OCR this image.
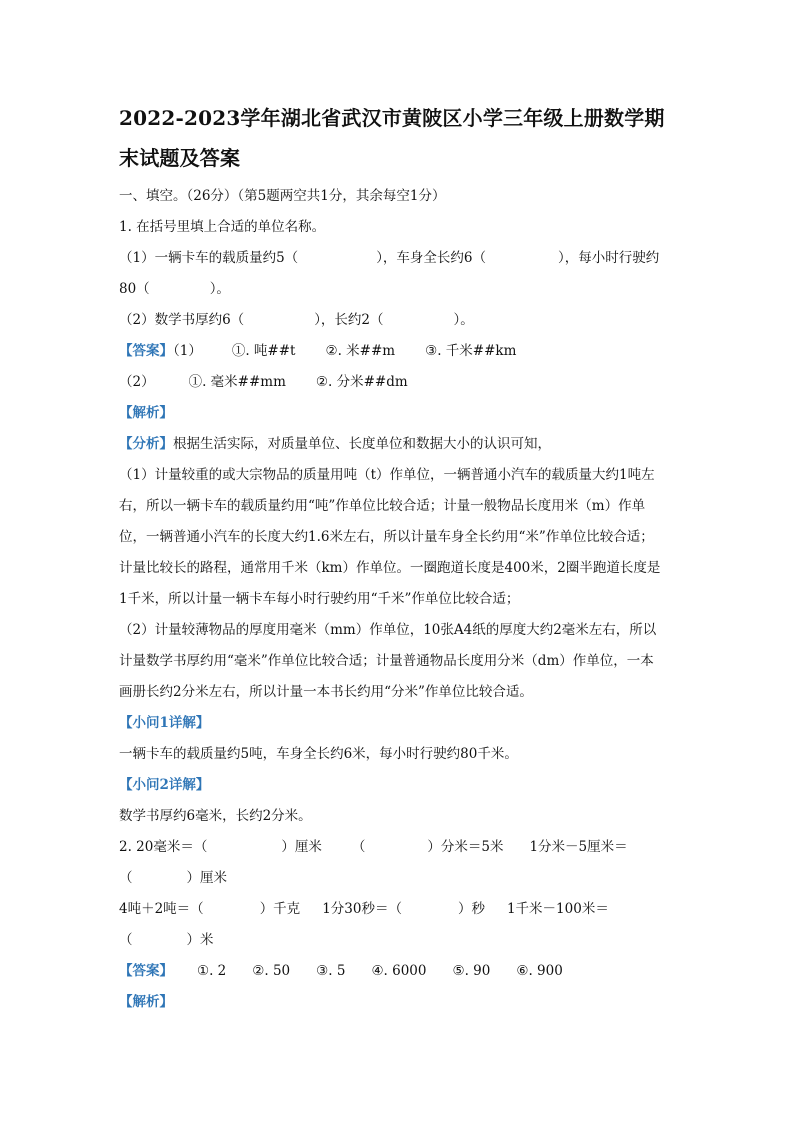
2022-2023学年湖北省武汉市黄陂区小学三年级上册数学期
末试题及答案
一、填空。（26分）（第5题两空共1分，其余每空1分）
1. 在括号里填上合适的单位名称。
（1）一辆卡车的载质量约5（	），车身全长约6（	），每小时行驶约
80（	）。
（2）数学书厚约6（	），长约2（	）。
【答案】（1） ①. 吨##t ②. 米##m ③. 千米##km
（2）	①. 毫米##mm ②. 分米##dm
【解析】
【分析】根据生活实际，对质量单位、长度单位和数据大小的认识可知，
（1）计量较重的或大宗物品的质量用吨（t）作单位，一辆普通小汽车的载质量大约1吨左
右，所以一辆卡车的载质量约用“吨”作单位比较合适；计量一般物品长度用米（m）作单
位，一辆普通小汽车的长度大约1.6米左右，所以计量车身全长约用“米”作单位比较合适；
计量比较长的路程，通常用千米（km）作单位。一圈跑道长度是400米，2圈半跑道长度是
1千米，所以计量一辆卡车每小时行驶约用“千米”作单位比较合适；
（2）计量较薄物品的厚度用毫米（mm）作单位，10张A4纸的厚度大约2毫米左右，所以
计量数学书厚约用“毫米”作单位比较合适；计量普通物品长度用分米（dm）作单位，一本
画册长约2分米左右，所以计量一本书长约用“分米”作单位比较合适。
【小问1详解】
一辆卡车的载质量约5吨，车身全长约6米，每小时行驶约80千米。
【小问2详解】
数学书厚约6毫米，长约2分米。
2. 20毫米＝（	）厘米 （	）分米＝5米 1分米－5厘米＝
（	）厘米
4吨＋2吨＝（	）千克 1分30秒＝（	）秒 1千米－100米＝
（	）米
【答案】 ①. 2 ②. 50 ③. 5 ④. 6000 ⑤. 90 ⑥. 900
【解析】
